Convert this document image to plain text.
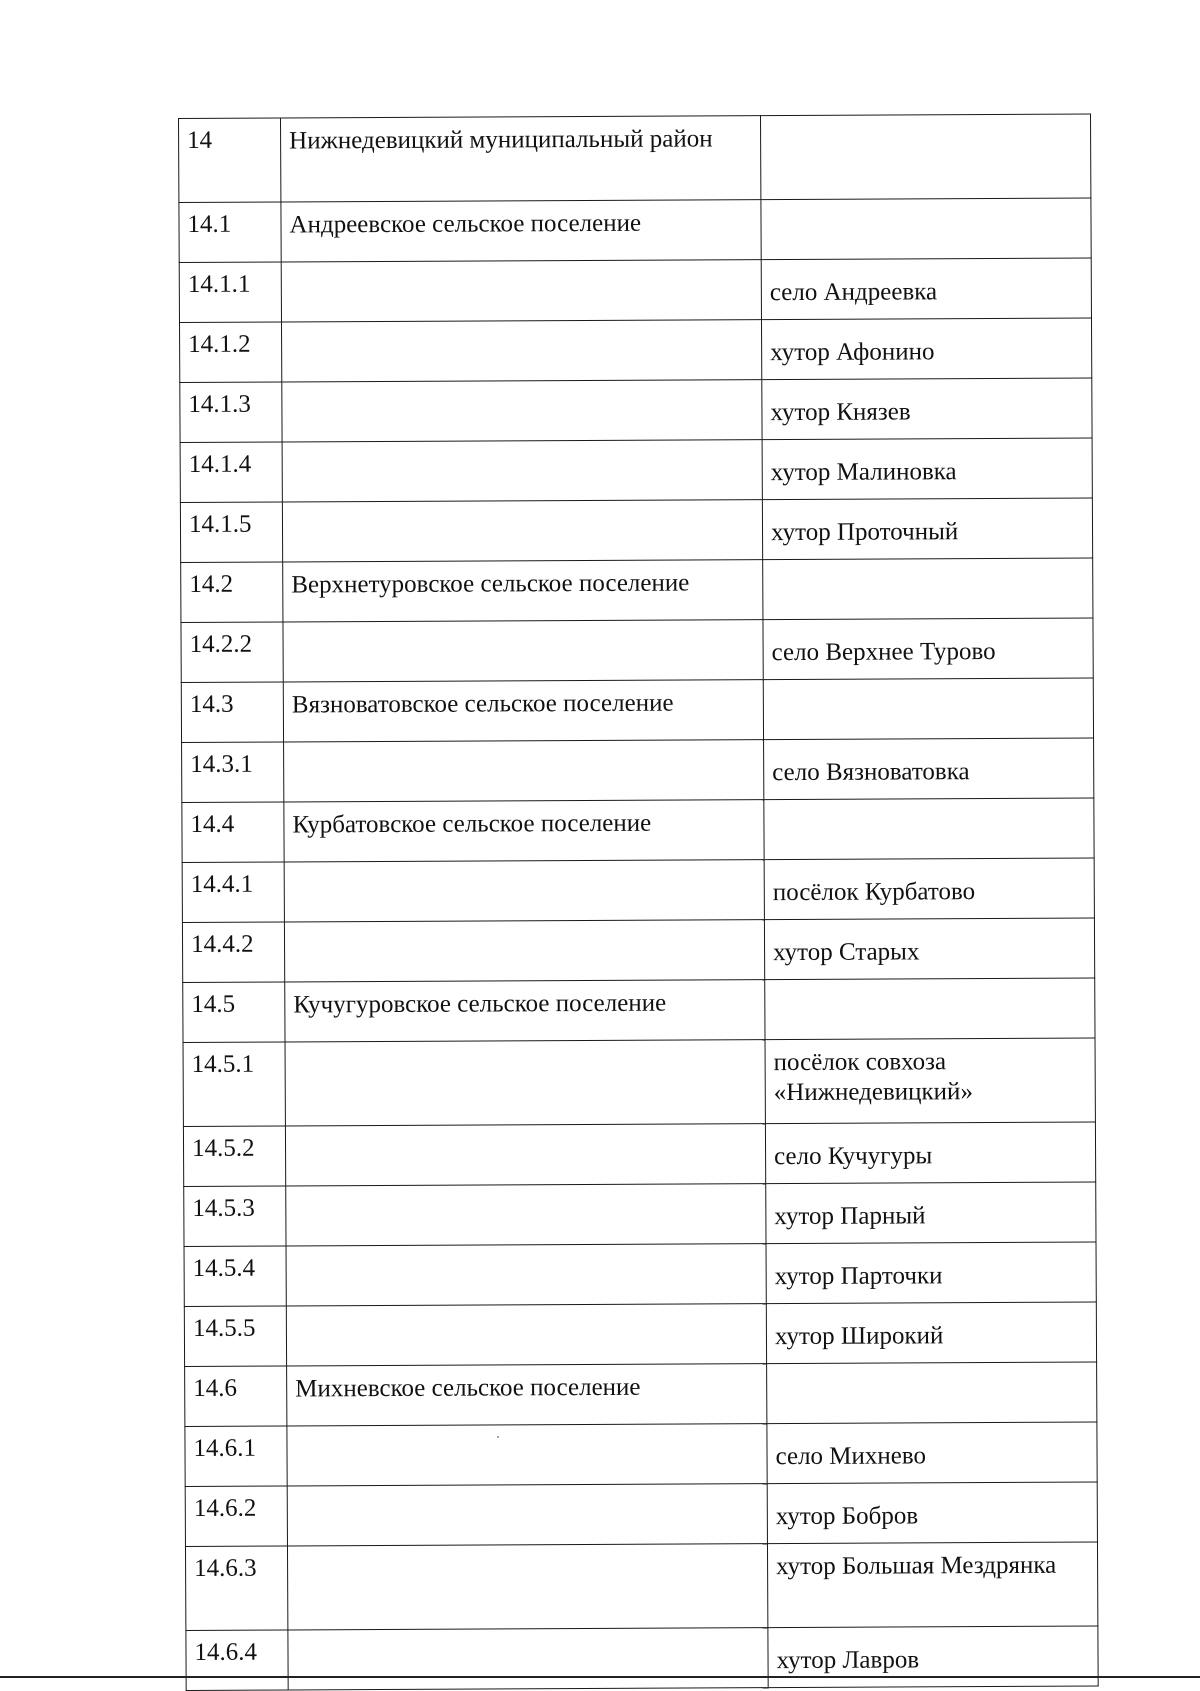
14	Нижнедевицкий муниципальный район	
14.1	Андреевское сельское поселение	
14.1.1		село Андреевка
14.1.2		хутор Афонино
14.1.3		хутор Князев
14.1.4		хутор Малиновка
14.1.5		хутор Проточный
14.2	Верхнетуровское сельское поселение	
14.2.2		село Верхнее Турово
14.3	Вязноватовское сельское поселение	
14.3.1		село Вязноватовка
14.4	Курбатовское сельское поселение	
14.4.1		посёлок Курбатово
14.4.2		хутор Старых
14.5	Кучугуровское сельское поселение	
14.5.1		посёлок совхоза «Нижнедевицкий»
14.5.2		село Кучугуры
14.5.3		хутор Парный
14.5.4		хутор Парточки
14.5.5		хутор Широкий
14.6	Михневское сельское поселение	
14.6.1		село Михнево
14.6.2		хутор Бобров
14.6.3		хутор Большая Мездрянка
14.6.4		хутор Лавров
